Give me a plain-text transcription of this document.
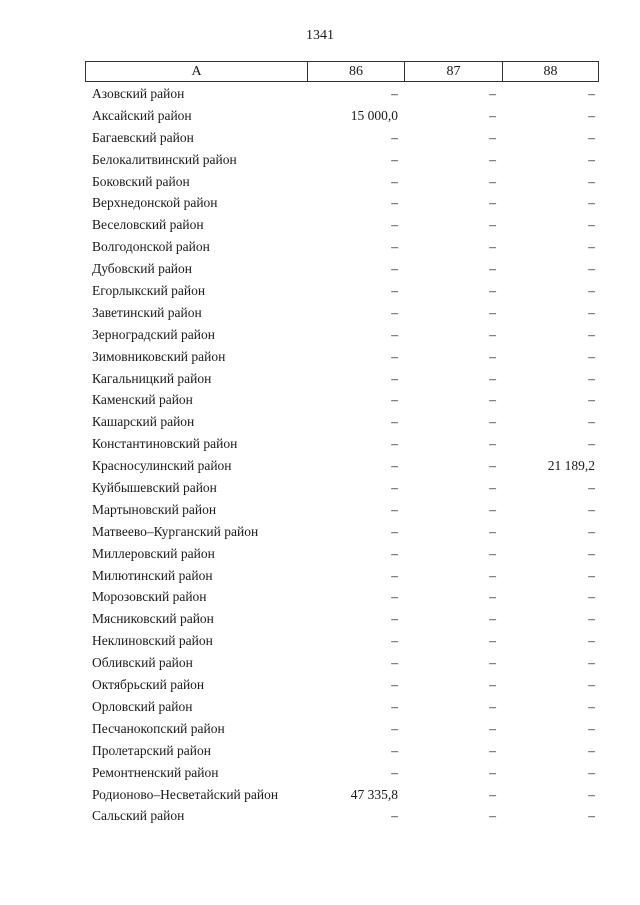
1341
A	86	87	88
Азовский район	–	–	–
Аксайский район	15 000,0	–	–
Багаевский район	–	–	–
Белокалитвинский район	–	–	–
Боковский район	–	–	–
Верхнедонской район	–	–	–
Веселовский район	–	–	–
Волгодонской район	–	–	–
Дубовский район	–	–	–
Егорлыкский район	–	–	–
Заветинский район	–	–	–
Зерноградский район	–	–	–
Зимовниковский район	–	–	–
Кагальницкий район	–	–	–
Каменский район	–	–	–
Кашарский район	–	–	–
Константиновский район	–	–	–
Красносулинский район	–	–	21 189,2
Куйбышевский район	–	–	–
Мартыновский район	–	–	–
Матвеево–Курганский район	–	–	–
Миллеровский район	–	–	–
Милютинский район	–	–	–
Морозовский район	–	–	–
Мясниковский район	–	–	–
Неклиновский район	–	–	–
Обливский район	–	–	–
Октябрьский район	–	–	–
Орловский район	–	–	–
Песчанокопский район	–	–	–
Пролетарский район	–	–	–
Ремонтненский район	–	–	–
Родионово–Несветайский район	47 335,8	–	–
Сальский район	–	–	–
